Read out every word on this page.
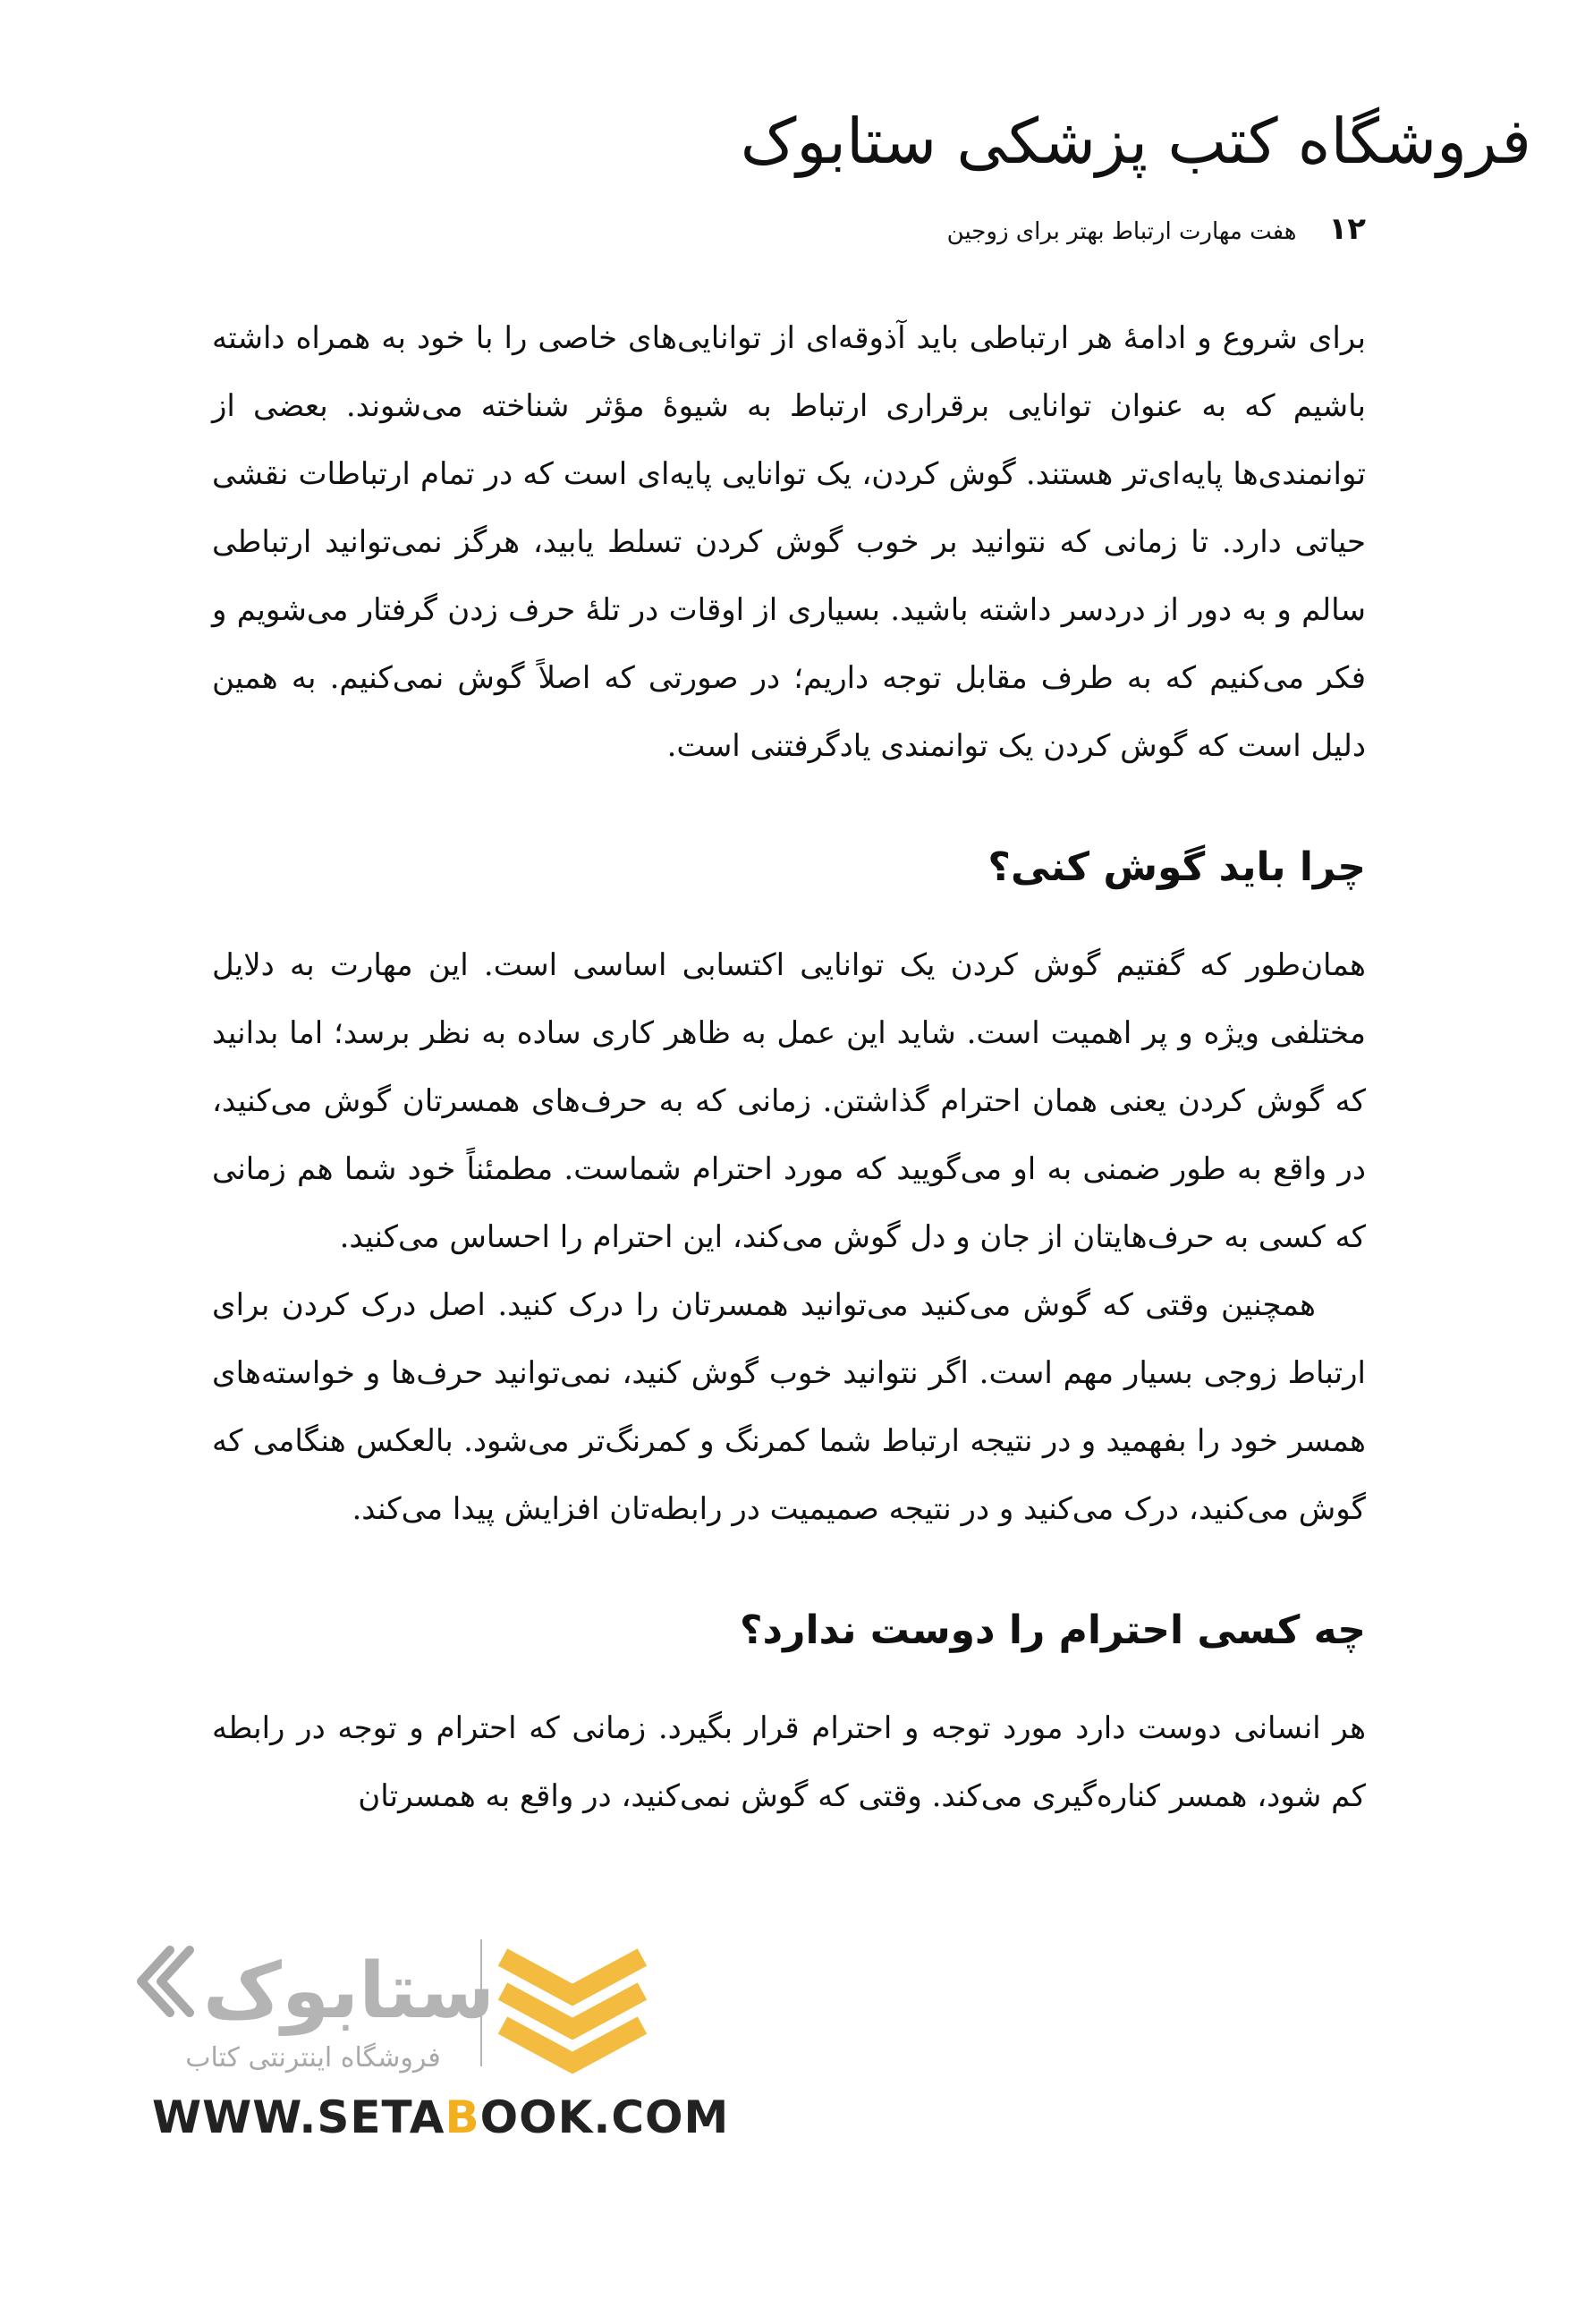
فروشگاه کتب پزشکی ستابوک
۱۲
هفت مهارت ارتباط بهتر برای زوجین

برای شروع و ادامهٔ هر ارتباطی باید آذوقه‌ای از توانایی‌های خاصی را با خود به همراه داشته باشیم که به عنوان توانایی برقراری ارتباط به شیوهٔ مؤثر شناخته می‌شوند. بعضی از توانمندی‌ها پایه‌ای‌تر هستند. گوش کردن، یک توانایی پایه‌ای است که در تمام ارتباطات نقشی حیاتی دارد. تا زمانی که نتوانید بر خوب گوش کردن تسلط یابید، هرگز نمی‌توانید ارتباطی سالم و به دور از دردسر داشته باشید. بسیاری از اوقات در تلهٔ حرف زدن گرفتار می‌شویم و فکر می‌کنیم که به طرف مقابل توجه داریم؛ در صورتی که اصلاً گوش نمی‌کنیم. به همین دلیل است که گوش کردن یک توانمندی یادگرفتنی است.

چرا باید گوش کنی؟

همان‌طور که گفتیم گوش کردن یک توانایی اکتسابی اساسی است. این مهارت به دلایل مختلفی ویژه و پر اهمیت است. شاید این عمل به ظاهر کاری ساده به نظر برسد؛ اما بدانید که گوش کردن یعنی همان احترام گذاشتن. زمانی که به حرف‌های همسرتان گوش می‌کنید، در واقع به طور ضمنی به او می‌گویید که مورد احترام شماست. مطمئناً خود شما هم زمانی که کسی به حرف‌هایتان از جان و دل گوش می‌کند، این احترام را احساس می‌کنید.

همچنین وقتی که گوش می‌کنید می‌توانید همسرتان را درک کنید. اصل درک کردن برای ارتباط زوجی بسیار مهم است. اگر نتوانید خوب گوش کنید، نمی‌توانید حرف‌ها و خواسته‌های همسر خود را بفهمید و در نتیجه ارتباط شما کمرنگ و کمرنگ‌تر می‌شود. بالعکس هنگامی که گوش می‌کنید، درک می‌کنید و در نتیجه صمیمیت در رابطه‌تان افزایش پیدا می‌کند.

چه کسی احترام را دوست ندارد؟

هر انسانی دوست دارد مورد توجه و احترام قرار بگیرد. زمانی که احترام و توجه در رابطه کم شود، همسر کناره‌گیری می‌کند. وقتی که گوش نمی‌کنید، در واقع به همسرتان

ستابوک
فروشگاه اینترنتی کتاب
WWW.SETABOOK.COM
